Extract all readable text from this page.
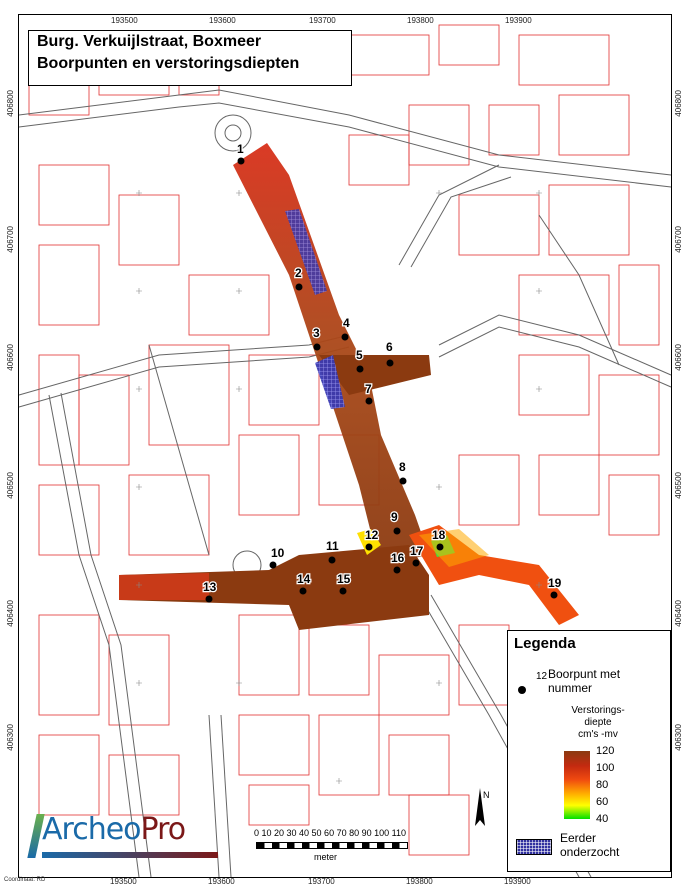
1
2
3
4
5
6
7
8
9
10	11
12
13
14 15
16 17
18
19
193500	193600	193700	193800	193900
193500	193600	193700	193800	193900
406800
406700
406600
406500
406400
406300
406800
406700
406600
406500
406400
406300
Burg. Verkuijlstraat, Boxmeer
Boorpunten en verstoringsdiepten
Legenda
12 Boorpunt met
nummer
Verstorings-
diepte
cm's -mv
120
100
80
60
40
Eerder
onderzocht
N
0 10 20 30 40 50 60 70 80 90 100 110
meter
ArcheoPro
Coordinaat: RD
